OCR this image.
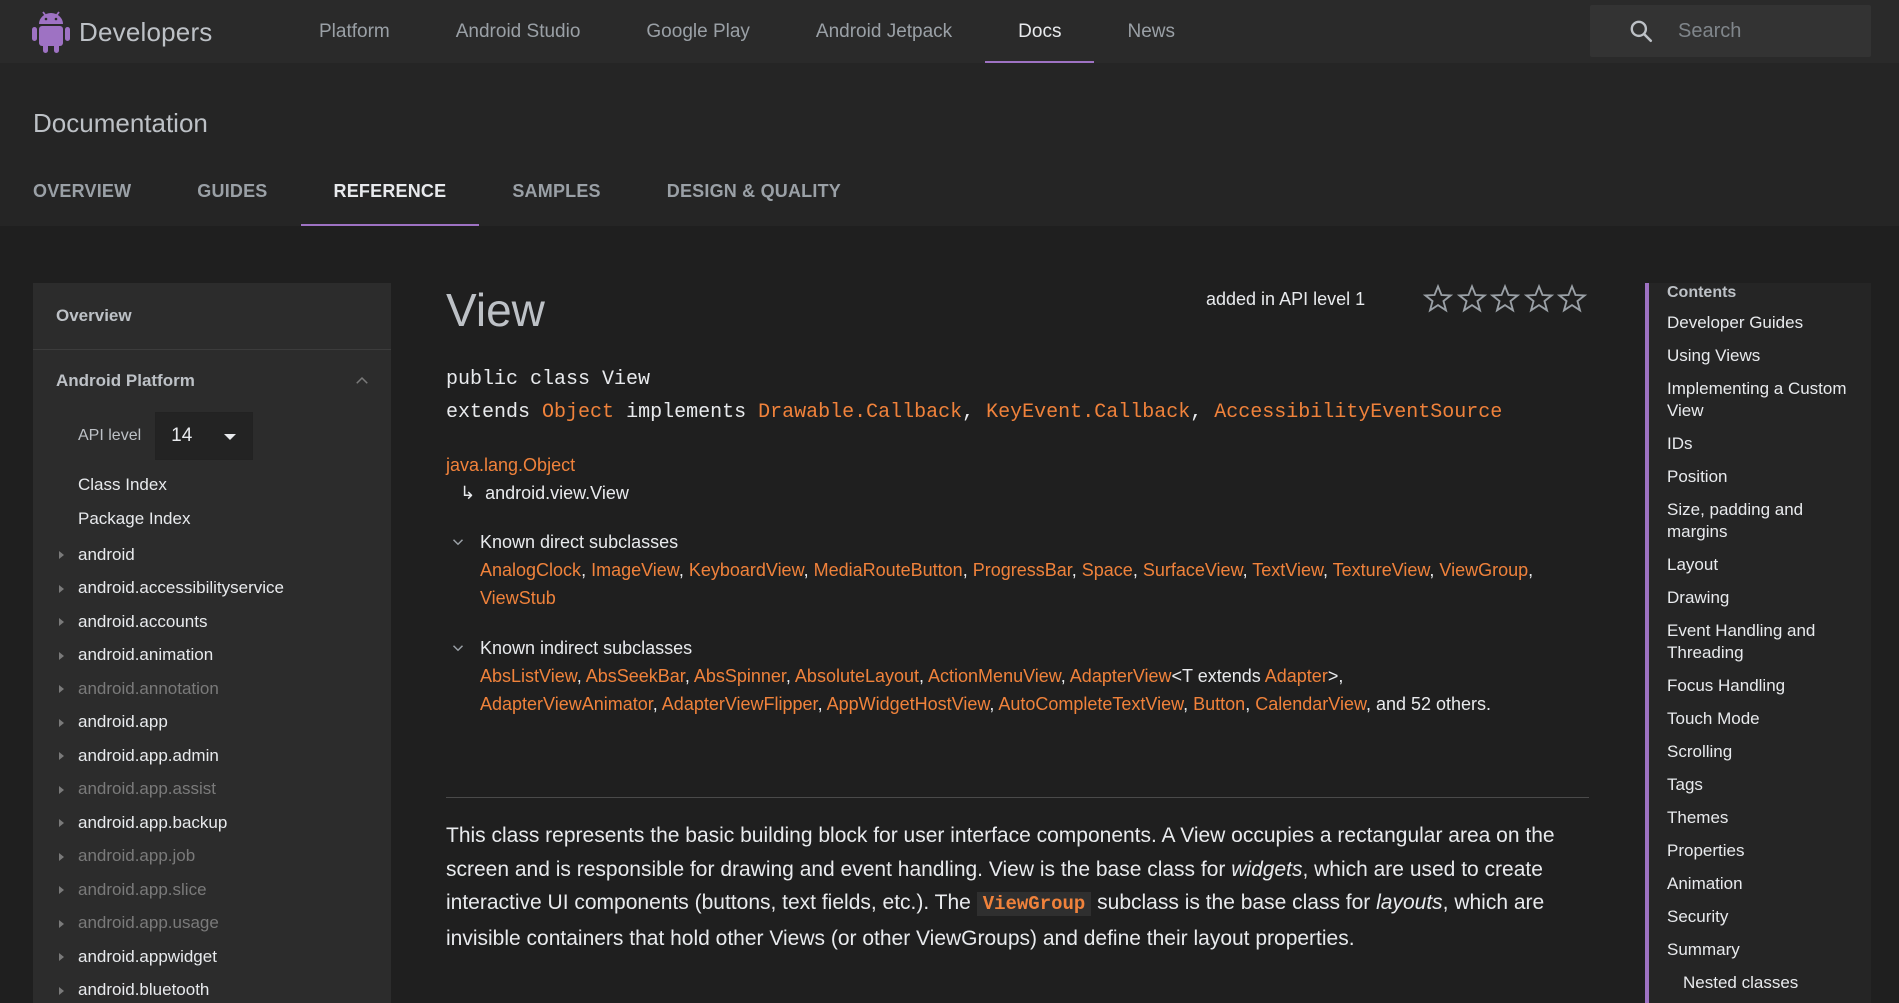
Developers	Platform	Android Studio	Google Play	Android Jetpack	Docs	News
Search
Documentation
OVERVIEW	GUIDES	REFERENCE	SAMPLES	DESIGN & QUALITY
Overview
Android Platform
API level 14
Class Index
Package Index
android
android.accessibilityservice
android.accounts
android.animation
android.annotation
android.app
android.app.admin
android.app.assist
android.app.backup
android.app.job
android.app.slice
android.app.usage
android.appwidget
android.bluetooth
View	added in API level 1
public class View
extends Object implements Drawable.Callback, KeyEvent.Callback, AccessibilityEventSource
java.lang.Object
↳  android.view.View
Known direct subclasses
AnalogClock, ImageView, KeyboardView, MediaRouteButton, ProgressBar, Space, SurfaceView, TextView, TextureView, ViewGroup, ViewStub
Known indirect subclasses
AbsListView, AbsSeekBar, AbsSpinner, AbsoluteLayout, ActionMenuView, AdapterView<T extends Adapter>,
AdapterViewAnimator, AdapterViewFlipper, AppWidgetHostView, AutoCompleteTextView, Button, CalendarView, and 52 others.

This class represents the basic building block for user interface components. A View occupies a rectangular area on the screen and is responsible for drawing and event handling. View is the base class for widgets, which are used to create interactive UI components (buttons, text fields, etc.). The ViewGroup subclass is the base class for layouts, which are invisible containers that hold other Views (or other ViewGroups) and define their layout properties.

Contents
Developer Guides
Using Views
Implementing a Custom View
IDs
Position
Size, padding and margins
Layout
Drawing
Event Handling and Threading
Focus Handling
Touch Mode
Scrolling
Tags
Themes
Properties
Animation
Security
Summary
Nested classes
